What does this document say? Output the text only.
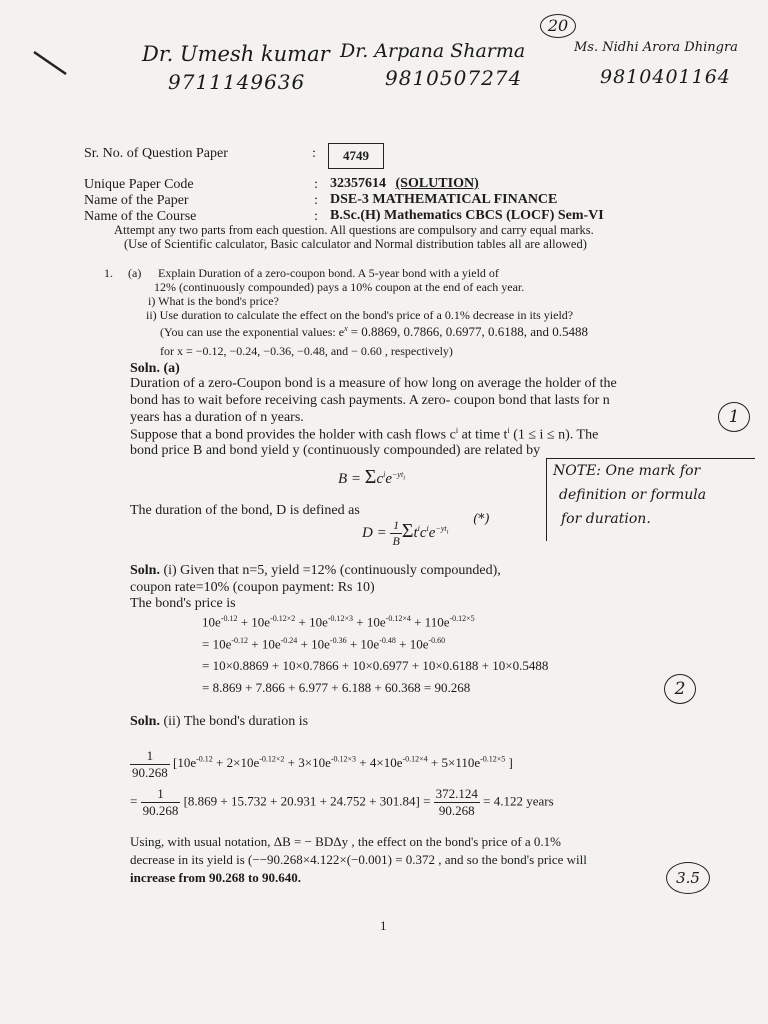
20
Dr. Umesh kumar Dr. Arpana Sharma	Ms. Nidhi Arora Dhingra
9711149636	9810507274	9810401164
Sr. No. of Question Paper	:	4749
Unique Paper Code	: 32357614 (SOLUTION)
Name of the Paper	: DSE-3 MATHEMATICAL FINANCE
Name of the Course	: B.Sc.(H) Mathematics CBCS (LOCF) Sem-VI
Attempt any two parts from each question. All questions are compulsory and carry equal marks.
(Use of Scientific calculator, Basic calculator and Normal distribution tables all are allowed)
1. (a) Explain Duration of a zero-coupon bond. A 5-year bond with a yield of
12% (continuously compounded) pays a 10% coupon at the end of each year.
i) What is the bond's price?
ii) Use duration to calculate the effect on the bond's price of a 0.1% decrease in its yield?
(You can use the exponential values: $e^x = 0.8869$, 0.7866, 0.6977, 0.6188, and 0.5488
for x = −0.12, −0.24, −0.36, −0.48, and − 0.60 , respectively)
Soln. (a)
Duration of a zero-Coupon bond is a measure of how long on average the holder of the
bond has to wait before receiving cash payments. A zero- coupon bond that lasts for n
years has a duration of n years.
Suppose that a bond provides the holder with cash flows $c^i$ at time $t^i$ (1 ≤ i ≤ n). The
bond price B and bond yield y (continuously compounded) are related by
$B = \Sigma c^ie^{-yt_i}$	NOTE: One mark for
definition or formula
for duration.
The duration of the bond, D is defined as
$D = \frac{1}{B} \Sigma t^ic^ie^{-yt_i}$
(*)
1
Soln. (i) Given that n=5, yield =12% (continuously compounded),
coupon rate=10% (coupon payment: Rs 10)
The bond's price is
$10e^{-0.12} + 10e^{-0.12\times 2} + 10e^{-0.12\times 3} + 10e^{-0.12\times 4} + 110e^{-0.12\times 5}$
= $10e^{-0.12} + 10e^{-0.24} + 10e^{-0.36} + 10e^{-0.48} + 10e^{-0.60}$
= 10×0.8869 + 10×0.7866 + 10×0.6977 + 10×0.6188 + 10×0.5488
= 8.869 + 7.866 + 6.977 + 6.188 + 60.368 = 90.268	2
Soln. (ii) The bond's duration is
$\frac{1}{90.268} [10e^{-0.12} + 2\times 10e^{-0.12\times 2} + 3\times 10e^{-0.12\times 3} + 4\times 10e^{-0.12\times 4} + 5\times 110e^{-0.12\times 5}$ ]
= $\frac{1}{90.268} [8.869 + 15.732 + 20.931 + 24.752 + 301.84] = \frac{372.124}{90.268} = 4.122$ years
Using, with usual notation, ΔB = − BDΔy , the effect on the bond's price of a 0.1%
decrease in its yield is (−−90.268×4.122×(−0.001) = 0.372 , and so the bond's price will
increase from 90.268 to 90.640.	3.5
1
